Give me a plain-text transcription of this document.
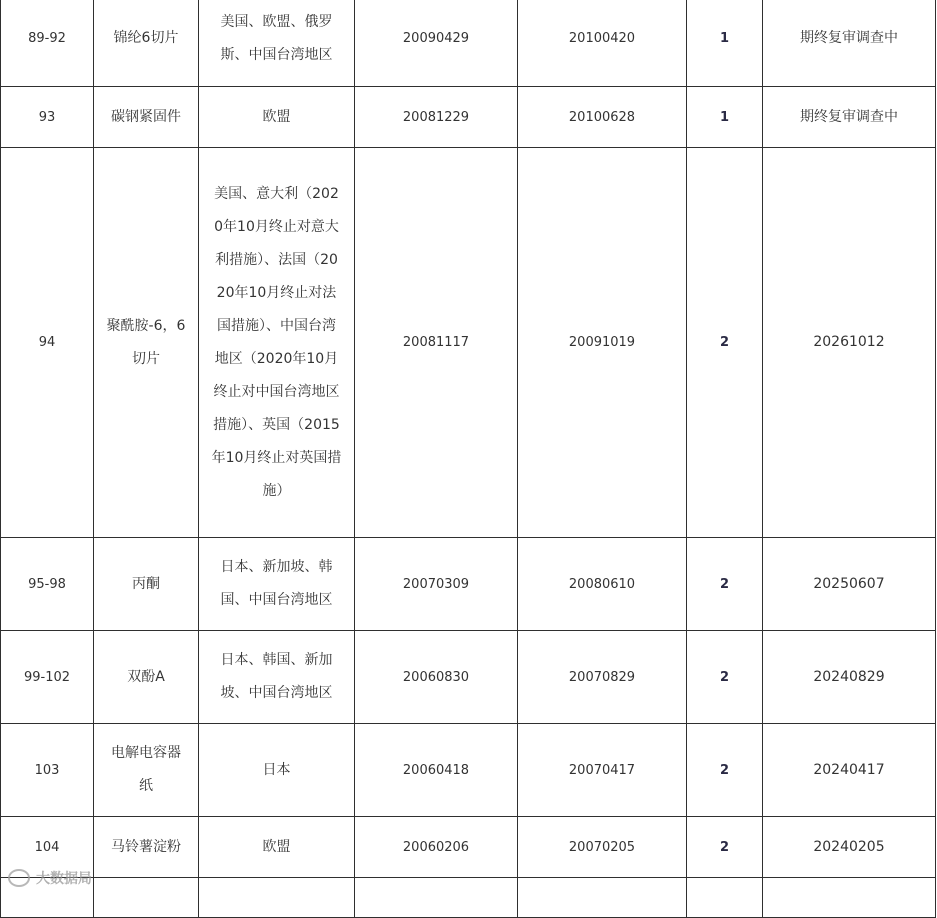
89-92	锦纶6切片	美国、欧盟、俄罗斯、中国台湾地区	20090429	20100420	1	期终复审调查中
93	碳钢紧固件	欧盟	20081229	20100628	1	期终复审调查中
94	聚酰胺-6，6切片	美国、意大利（2020年10月终止对意大利措施）、法国（2020年10月终止对法国措施）、中国台湾地区（2020年10月终止对中国台湾地区措施）、英国（2015年10月终止对英国措施）	20081117	20091019	2	20261012
95-98	丙酮	日本、新加坡、韩国、中国台湾地区	20070309	20080610	2	20250607
99-102	双酚A	日本、韩国、新加坡、中国台湾地区	20060830	20070829	2	20240829
103	电解电容器纸	日本	20060418	20070417	2	20240417
104	马铃薯淀粉	欧盟	20060206	20070205	2	20240205

大数据局
